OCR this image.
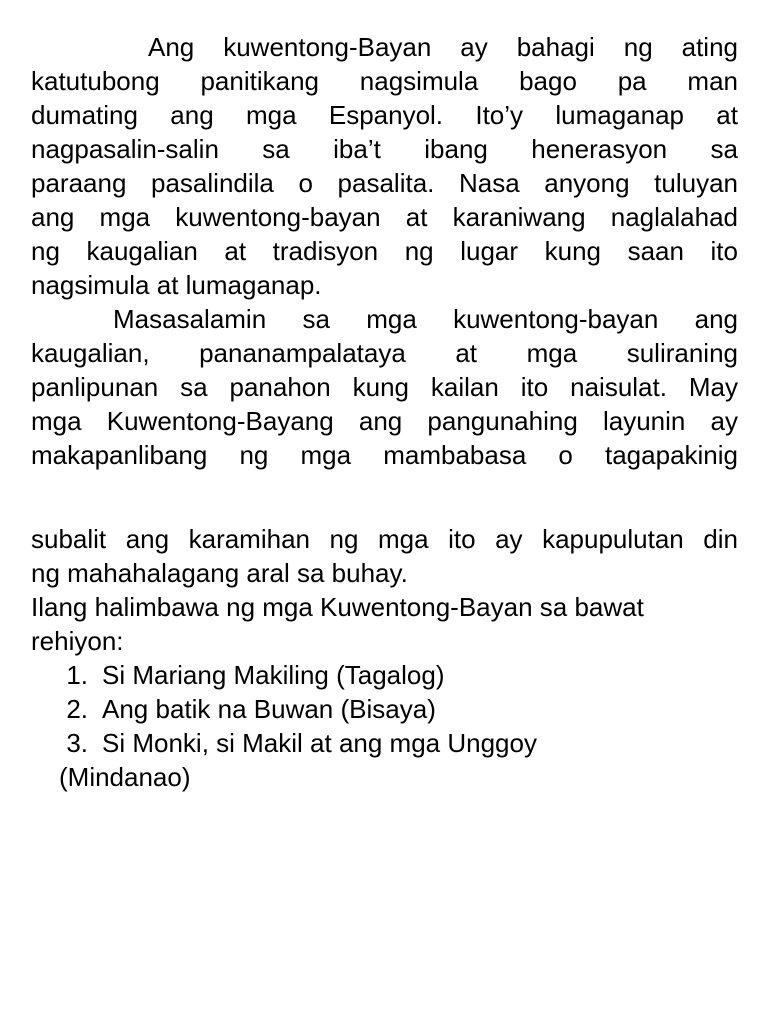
Ang kuwentong-Bayan ay bahagi ng ating
katutubong panitikang nagsimula bago pa man
dumating ang mga Espanyol. Ito’y lumaganap at
nagpasalin-salin sa iba’t ibang henerasyon sa
paraang pasalindila o pasalita. Nasa anyong tuluyan
ang mga kuwentong-bayan at karaniwang naglalahad
ng kaugalian at tradisyon ng lugar kung saan ito
nagsimula at lumaganap.
Masasalamin sa mga kuwentong-bayan ang
kaugalian, pananampalataya at mga suliraning
panlipunan sa panahon kung kailan ito naisulat. May
mga Kuwentong-Bayang ang pangunahing layunin ay
makapanlibang ng mga mambabasa o tagapakinig
subalit ang karamihan ng mga ito ay kapupulutan din
ng mahahalagang aral sa buhay.
Ilang halimbawa ng mga Kuwentong-Bayan sa bawat
rehiyon:
1. Si Mariang Makiling (Tagalog)
2. Ang batik na Buwan (Bisaya)
3. Si Monki, si Makil at ang mga Unggoy
(Mindanao)
